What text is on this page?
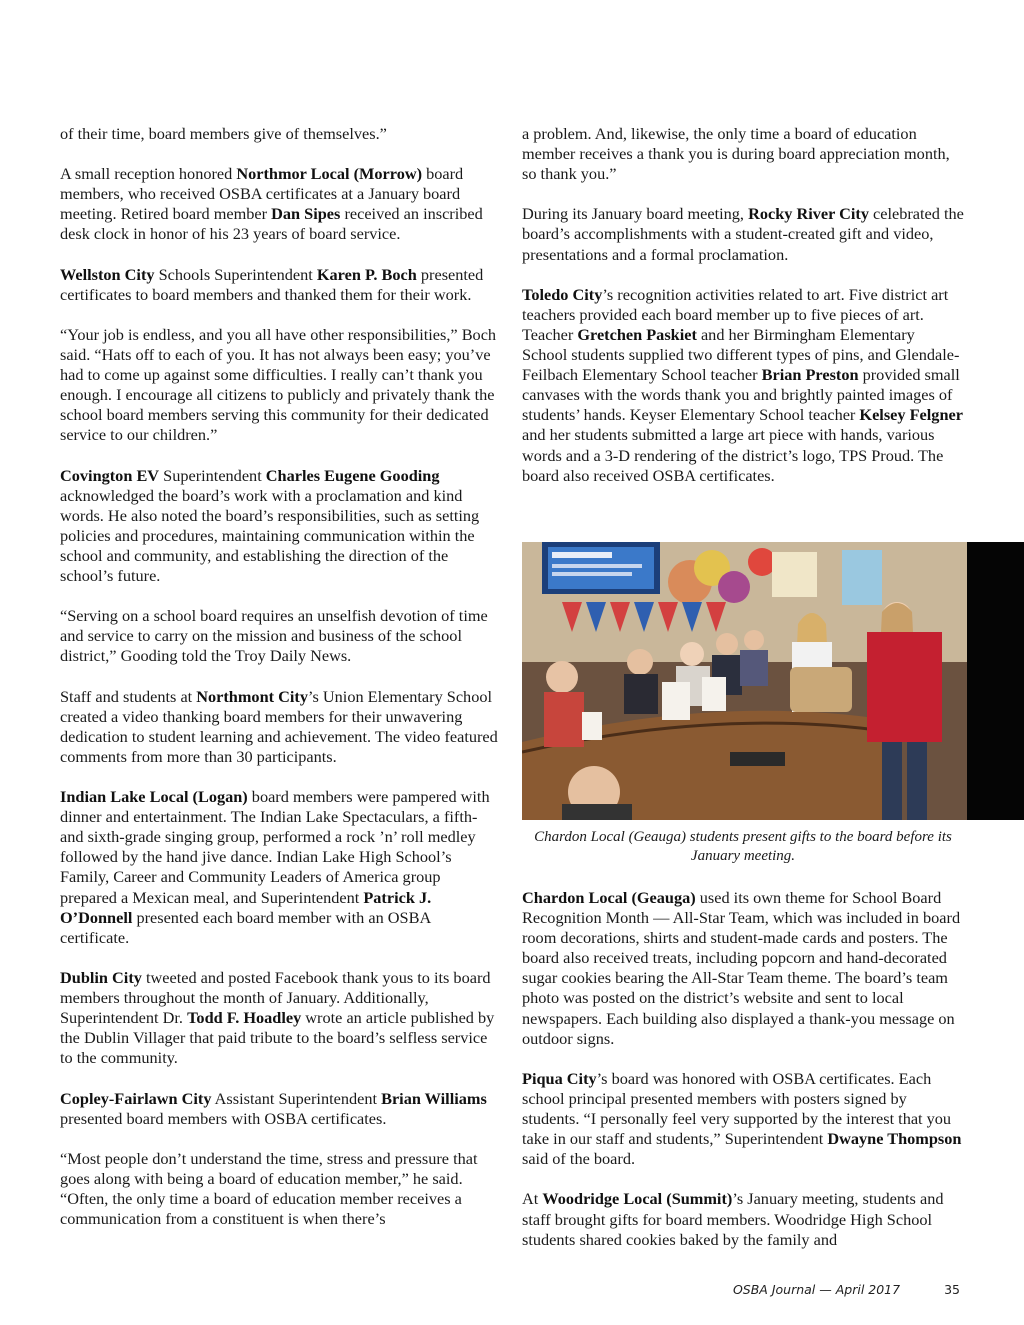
of their time, board members give of themselves.”

A small reception honored Northmor Local (Morrow) board members, who received OSBA certificates at a January board meeting. Retired board member Dan Sipes received an inscribed desk clock in honor of his 23 years of board service.

Wellston City Schools Superintendent Karen P. Boch presented certificates to board members and thanked them for their work.

“Your job is endless, and you all have other responsibilities,” Boch said. “Hats off to each of you. It has not always been easy; you’ve had to come up against some difficulties. I really can’t thank you enough. I encourage all citizens to publicly and privately thank the school board members serving this community for their dedicated service to our children.”

Covington EV Superintendent Charles Eugene Gooding acknowledged the board’s work with a proclamation and kind words. He also noted the board’s responsibilities, such as setting policies and procedures, maintaining communication within the school and community, and establishing the direction of the school’s future.

“Serving on a school board requires an unselfish devotion of time and service to carry on the mission and business of the school district,” Gooding told the Troy Daily News.

Staff and students at Northmont City’s Union Elementary School created a video thanking board members for their unwavering dedication to student learning and achievement. The video featured comments from more than 30 participants.

Indian Lake Local (Logan) board members were pampered with dinner and entertainment. The Indian Lake Spectaculars, a fifth- and sixth-grade singing group, performed a rock ’n’ roll medley followed by the hand jive dance. Indian Lake High School’s Family, Career and Community Leaders of America group prepared a Mexican meal, and Superintendent Patrick J. O’Donnell presented each board member with an OSBA certificate.

Dublin City tweeted and posted Facebook thank yous to its board members throughout the month of January. Additionally, Superintendent Dr. Todd F. Hoadley wrote an article published by the Dublin Villager that paid tribute to the board’s selfless service to the community.

Copley-Fairlawn City Assistant Superintendent Brian Williams presented board members with OSBA certificates.

“Most people don’t understand the time, stress and pressure that goes along with being a board of education member,” he said. “Often, the only time a board of education member receives a communication from a constituent is when there’s

a problem. And, likewise, the only time a board of education member receives a thank you is during board appreciation month, so thank you.”

During its January board meeting, Rocky River City celebrated the board’s accomplishments with a student-created gift and video, presentations and a formal proclamation.

Toledo City’s recognition activities related to art. Five district art teachers provided each board member up to five pieces of art. Teacher Gretchen Paskiet and her Birmingham Elementary School students supplied two different types of pins, and Glendale-Feilbach Elementary School teacher Brian Preston provided small canvases with the words thank you and brightly painted images of students’ hands. Keyser Elementary School teacher Kelsey Felgner and her students submitted a large art piece with hands, various words and a 3-D rendering of the district’s logo, TPS Proud. The board also received OSBA certificates.

Chardon Local (Geauga) students present gifts to the board before its January meeting.

Chardon Local (Geauga) used its own theme for School Board Recognition Month — All-Star Team, which was included in board room decorations, shirts and student-made cards and posters. The board also received treats, including popcorn and hand-decorated sugar cookies bearing the All-Star Team theme. The board’s team photo was posted on the district’s website and sent to local newspapers. Each building also displayed a thank-you message on outdoor signs.

Piqua City’s board was honored with OSBA certificates. Each school principal presented members with posters signed by students. “I personally feel very supported by the interest that you take in our staff and students,” Superintendent Dwayne Thompson said of the board.

At Woodridge Local (Summit)’s January meeting, students and staff brought gifts for board members. Woodridge High School students shared cookies baked by the family and

OSBA Journal — April 2017	35
